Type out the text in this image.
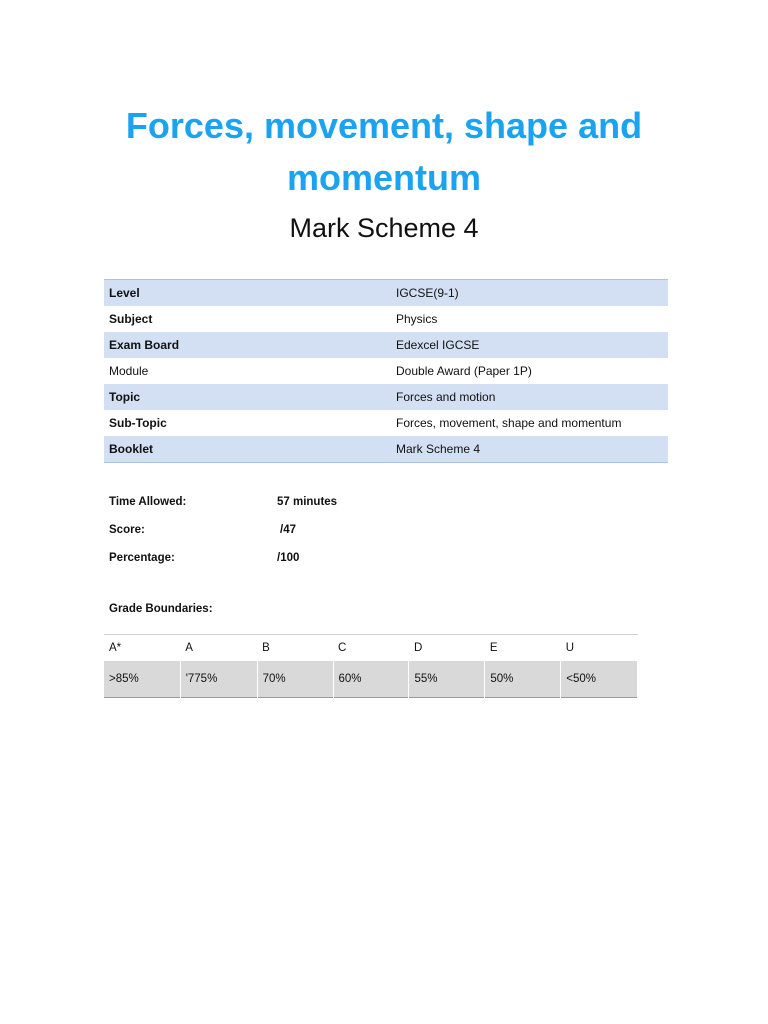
Forces, movement, shape and
momentum
Mark Scheme 4
Level	IGCSE(9-1)
Subject	Physics
Exam Board	Edexcel IGCSE
Module	Double Award (Paper 1P)
Topic	Forces and motion
Sub-Topic	Forces, movement, shape and momentum
Booklet	Mark Scheme 4
Time Allowed:	57 minutes
Score:	/47
Percentage:	/100
Grade Boundaries:
A*	A	B	C	D	E	U
>85%	'775%	70%	60%	55%	50%	<50%
